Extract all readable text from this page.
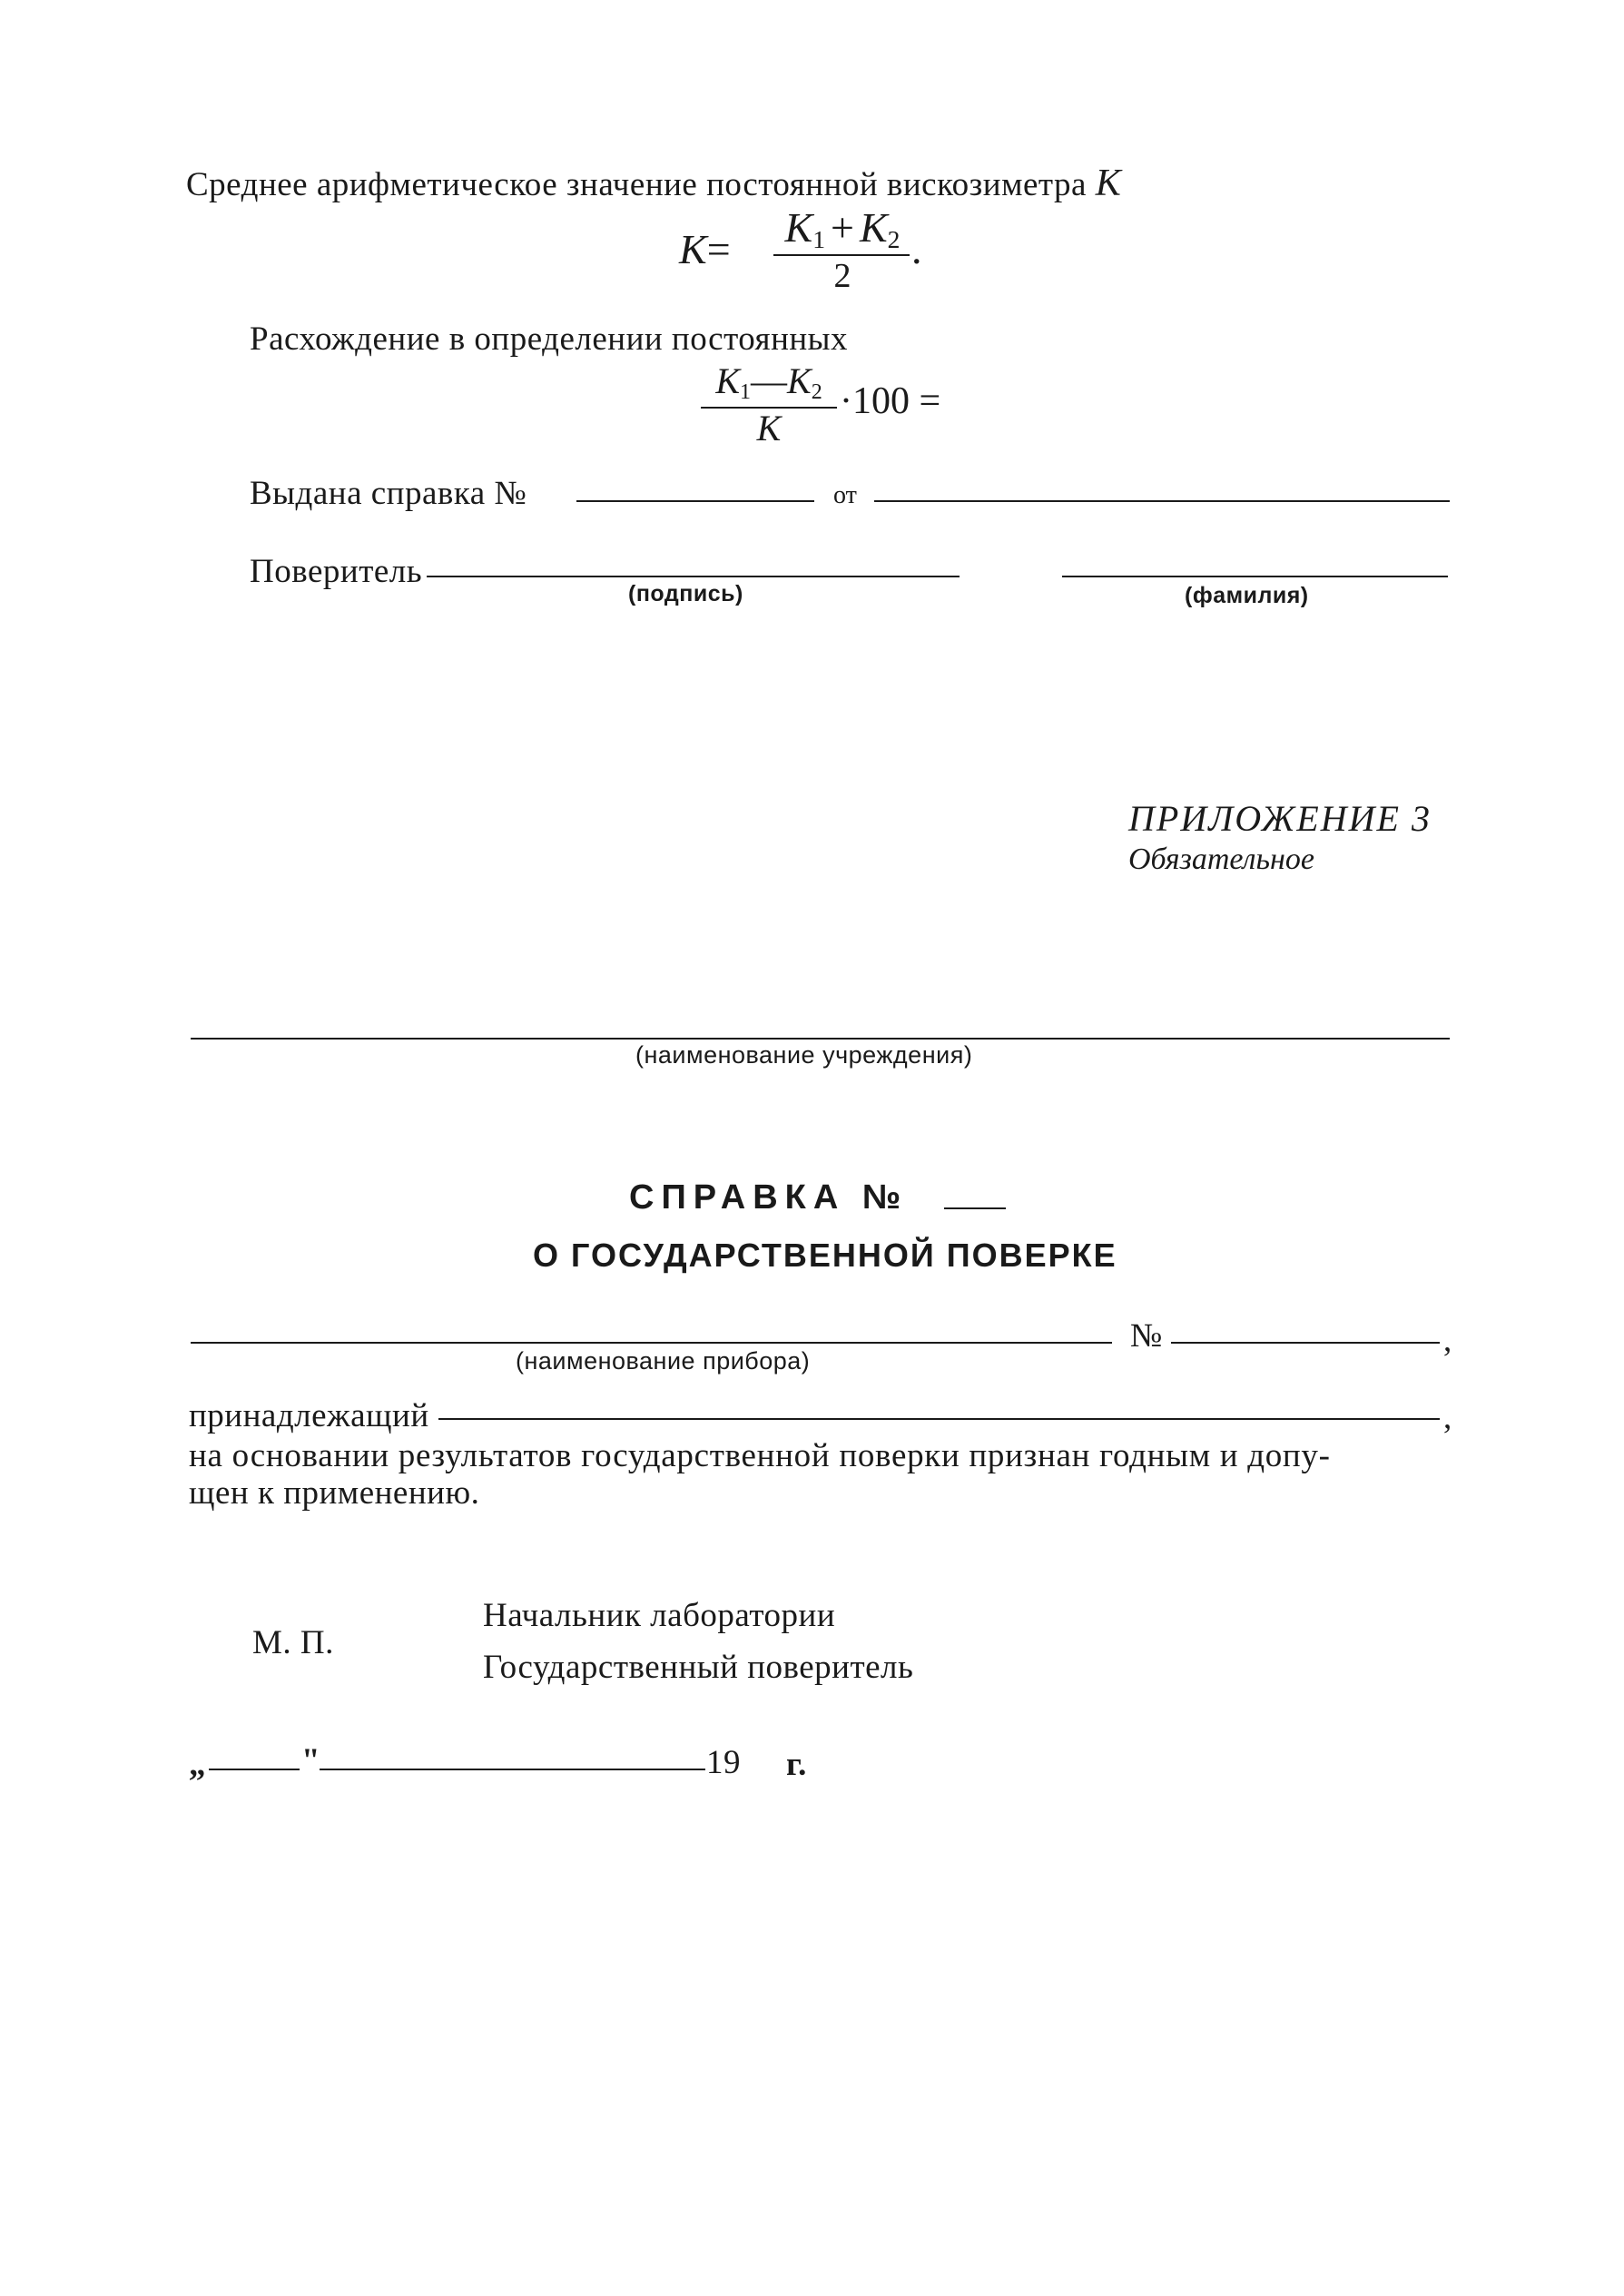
Среднее арифметическое значение постоянной вискозиметра K
$K= K_1 + K_2$
2
.
Расхождение в определении постоянных
$K_1—K_2$
K
·100 =
Выдана справка №	от
Поверитель
(подпись)	(фамилия)
ПРИЛОЖЕНИЕ 3
Обязательное
(наименование учреждения)
СПРАВКА №
О ГОСУДАРСТВЕННОЙ ПОВЕРКЕ
(наименование прибора)
№	,
принадлежащий	,
на основании результатов государственной поверки признан годным и допу-
щен к применению.
М. П.
Начальник лаборатории
Государственный поверитель
„	"	19 г.
